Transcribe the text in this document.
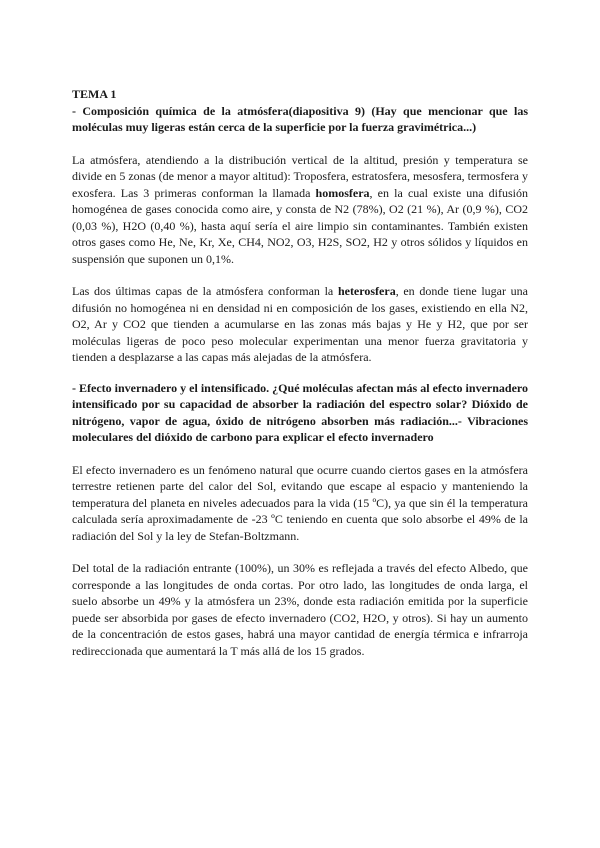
TEMA 1

- Composición química de la atmósfera(diapositiva 9) (Hay que mencionar que las moléculas muy ligeras están cerca de la superficie por la fuerza gravimétrica...)

La atmósfera, atendiendo a la distribución vertical de la altitud, presión y temperatura se divide en 5 zonas (de menor a mayor altitud): Troposfera, estratosfera, mesosfera, termosfera y exosfera. Las 3 primeras conforman la llamada homosfera, en la cual existe una difusión homogénea de gases conocida como aire, y consta de N2 (78%), O2 (21 %), Ar (0,9 %), CO2 (0,03 %), H2O (0,40 %), hasta aquí sería el aire limpio sin contaminantes. También existen otros gases como He, Ne, Kr, Xe, CH4, NO2, O3, H2S, SO2, H2 y otros sólidos y líquidos en suspensión que suponen un 0,1%.

Las dos últimas capas de la atmósfera conforman la heterosfera, en donde tiene lugar una difusión no homogénea ni en densidad ni en composición de los gases, existiendo en ella N2, O2, Ar y CO2 que tienden a acumularse en las zonas más bajas y He y H2, que por ser moléculas ligeras de poco peso molecular experimentan una menor fuerza gravitatoria y tienden a desplazarse a las capas más alejadas de la atmósfera.

- Efecto invernadero y el intensificado. ¿Qué moléculas afectan más al efecto invernadero intensificado por su capacidad de absorber la radiación del espectro solar? Dióxido de nitrógeno, vapor de agua, óxido de nitrógeno absorben más radiación...- Vibraciones moleculares del dióxido de carbono para explicar el efecto invernadero

El efecto invernadero es un fenómeno natural que ocurre cuando ciertos gases en la atmósfera terrestre retienen parte del calor del Sol, evitando que escape al espacio y manteniendo la temperatura del planeta en niveles adecuados para la vida (15 ºC), ya que sin él la temperatura calculada sería aproximadamente de -23 ºC teniendo en cuenta que solo absorbe el 49% de la radiación del Sol y la ley de Stefan-Boltzmann.

Del total de la radiación entrante (100%), un 30% es reflejada a través del efecto Albedo, que corresponde a las longitudes de onda cortas. Por otro lado, las longitudes de onda larga, el suelo absorbe un 49% y la atmósfera un 23%, donde esta radiación emitida por la superficie puede ser absorbida por gases de efecto invernadero (CO2, H2O, y otros). Si hay un aumento de la concentración de estos gases, habrá una mayor cantidad de energía térmica e infrarroja redireccionada que aumentará la T más allá de los 15 grados.
